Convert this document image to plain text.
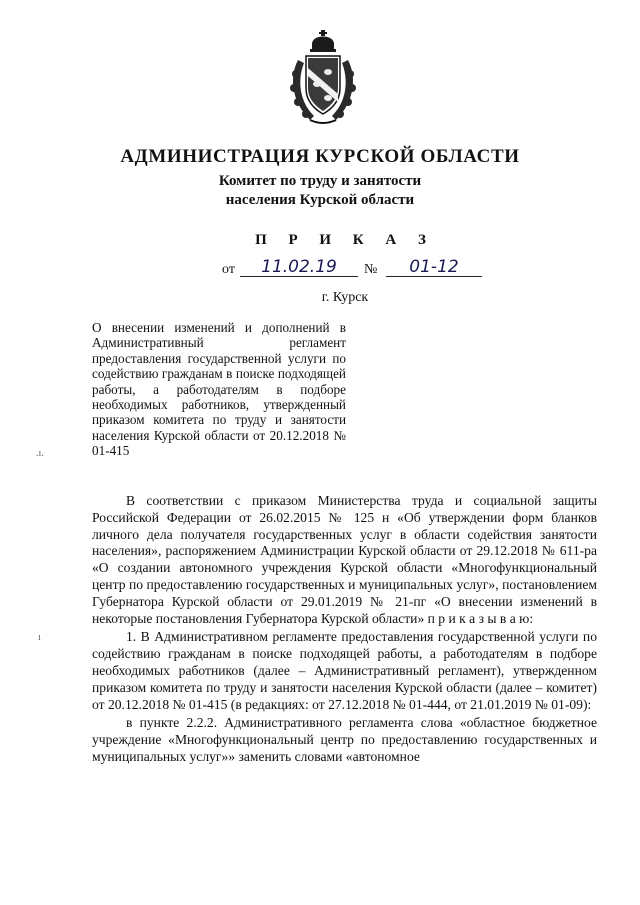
АДМИНИСТРАЦИЯ КУРСКОЙ ОБЛАСТИ
Комитет по труду и занятости
населения Курской области
П Р И К А З
от	11.02.19	№	01-12
г. Курск
О внесении изменений и дополнений в Административный регламент предоставления государственной услуги по содействию гражданам в поиске подходящей работы, а работодателям в подборе необходимых работников, утвержденный приказом комитета по труду и занятости населения Курской области от 20.12.2018 № 01-415
.ı.
ı

В соответствии с приказом Министерства труда и социальной защиты Российской Федерации от 26.02.2015 № 125 н «Об утверждении форм бланков личного дела получателя государственных услуг в области содействия занятости населения», распоряжением Администрации Курской области от 29.12.2018 № 611-ра «О создании автономного учреждения Курской области «Многофункциональный центр по предоставлению государственных и муниципальных услуг», постановлением Губернатора Курской области от 29.01.2019 № 21-пг «О внесении изменений в некоторые постановления Губернатора Курской области» п р и к а з ы в а ю:

1. В Административном регламенте предоставления государственной услуги по содействию гражданам в поиске подходящей работы, а работодателям в подборе необходимых работников (далее – Административный регламент), утвержденном приказом комитета по труду и занятости населения Курской области (далее – комитет) от 20.12.2018 № 01-415 (в редакциях: от 27.12.2018 № 01-444, от 21.01.2019 № 01-09):

в пункте 2.2.2. Административного регламента слова «областное бюджетное учреждение «Многофункциональный центр по предоставлению государственных и муниципальных услуг»» заменить словами «автономное
